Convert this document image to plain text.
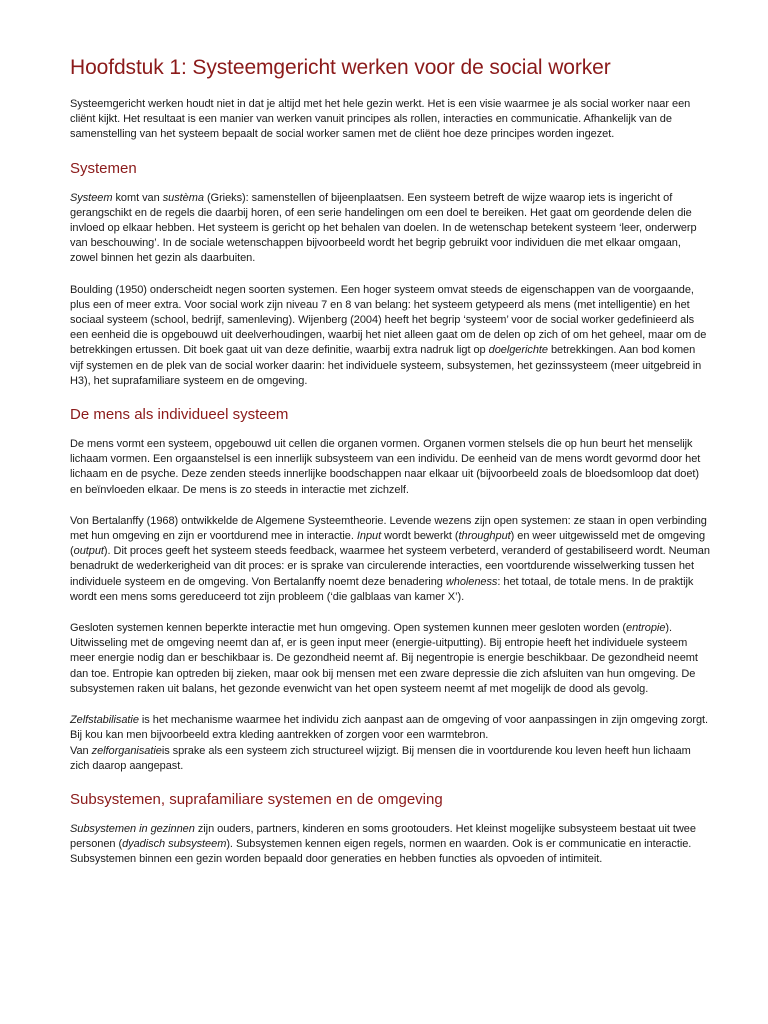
Hoofdstuk 1: Systeemgericht werken voor de social worker

Systeemgericht werken houdt niet in dat je altijd met het hele gezin werkt. Het is een visie waarmee je als social worker naar een cliënt kijkt. Het resultaat is een manier van werken vanuit principes als rollen, interacties en communicatie. Afhankelijk van de samenstelling van het systeem bepaalt de social worker samen met de cliënt hoe deze principes worden ingezet.

Systemen

Systeem komt van sustèma (Grieks): samenstellen of bijeenplaatsen. Een systeem betreft de wijze waarop iets is ingericht of gerangschikt en de regels die daarbij horen, of een serie handelingen om een doel te bereiken. Het gaat om geordende delen die invloed op elkaar hebben. Het systeem is gericht op het behalen van doelen. In de wetenschap betekent systeem ‘leer, onderwerp van beschouwing’. In de sociale wetenschappen bijvoorbeeld wordt het begrip gebruikt voor individuen die met elkaar omgaan, zowel binnen het gezin als daarbuiten.

Boulding (1950) onderscheidt negen soorten systemen. Een hoger systeem omvat steeds de eigenschappen van de voorgaande, plus een of meer extra. Voor social work zijn niveau 7 en 8 van belang: het systeem getypeerd als mens (met intelligentie) en het sociaal systeem (school, bedrijf, samenleving). Wijenberg (2004) heeft het begrip ‘systeem’ voor de social worker gedefinieerd als een eenheid die is opgebouwd uit deelverhoudingen, waarbij het niet alleen gaat om de delen op zich of om het geheel, maar om de betrekkingen ertussen. Dit boek gaat uit van deze definitie, waarbij extra nadruk ligt op doelgerichte betrekkingen. Aan bod komen vijf systemen en de plek van de social worker daarin: het individuele systeem, subsystemen, het gezinssysteem (meer uitgebreid in H3), het suprafamiliare systeem en de omgeving.

De mens als individueel systeem

De mens vormt een systeem, opgebouwd uit cellen die organen vormen. Organen vormen stelsels die op hun beurt het menselijk lichaam vormen. Een orgaanstelsel is een innerlijk subsysteem van een individu. De eenheid van de mens wordt gevormd door het lichaam en de psyche. Deze zenden steeds innerlijke boodschappen naar elkaar uit (bijvoorbeeld zoals de bloedsomloop dat doet) en beïnvloeden elkaar. De mens is zo steeds in interactie met zichzelf.

Von Bertalanffy (1968) ontwikkelde de Algemene Systeemtheorie. Levende wezens zijn open systemen: ze staan in open verbinding met hun omgeving en zijn er voortdurend mee in interactie. Input wordt bewerkt (throughput) en weer uitgewisseld met de omgeving (output). Dit proces geeft het systeem steeds feedback, waarmee het systeem verbeterd, veranderd of gestabiliseerd wordt. Neuman benadrukt de wederkerigheid van dit proces: er is sprake van circulerende interacties, een voortdurende wisselwerking tussen het individuele systeem en de omgeving. Von Bertalanffy noemt deze benadering wholeness: het totaal, de totale mens. In de praktijk wordt een mens soms gereduceerd tot zijn probleem (‘die galblaas van kamer X’).

Gesloten systemen kennen beperkte interactie met hun omgeving. Open systemen kunnen meer gesloten worden (entropie). Uitwisseling met de omgeving neemt dan af, er is geen input meer (energie-uitputting). Bij entropie heeft het individuele systeem meer energie nodig dan er beschikbaar is. De gezondheid neemt af. Bij negentropie is energie beschikbaar. De gezondheid neemt dan toe. Entropie kan optreden bij zieken, maar ook bij mensen met een zware depressie die zich afsluiten van hun omgeving. De subsystemen raken uit balans, het gezonde evenwicht van het open systeem neemt af met mogelijk de dood als gevolg.

Zelfstabilisatie is het mechanisme waarmee het individu zich aanpast aan de omgeving of voor aanpassingen in zijn omgeving zorgt. Bij kou kan men bijvoorbeeld extra kleding aantrekken of zorgen voor een warmtebron.
Van zelforganisatieis sprake als een systeem zich structureel wijzigt. Bij mensen die in voortdurende kou leven heeft hun lichaam zich daarop aangepast.

Subsystemen, suprafamiliare systemen en de omgeving

Subsystemen in gezinnen zijn ouders, partners, kinderen en soms grootouders. Het kleinst mogelijke subsysteem bestaat uit twee personen (dyadisch subsysteem). Subsystemen kennen eigen regels, normen en waarden. Ook is er communicatie en interactie. Subsystemen binnen een gezin worden bepaald door generaties en hebben functies als opvoeden of intimiteit.
